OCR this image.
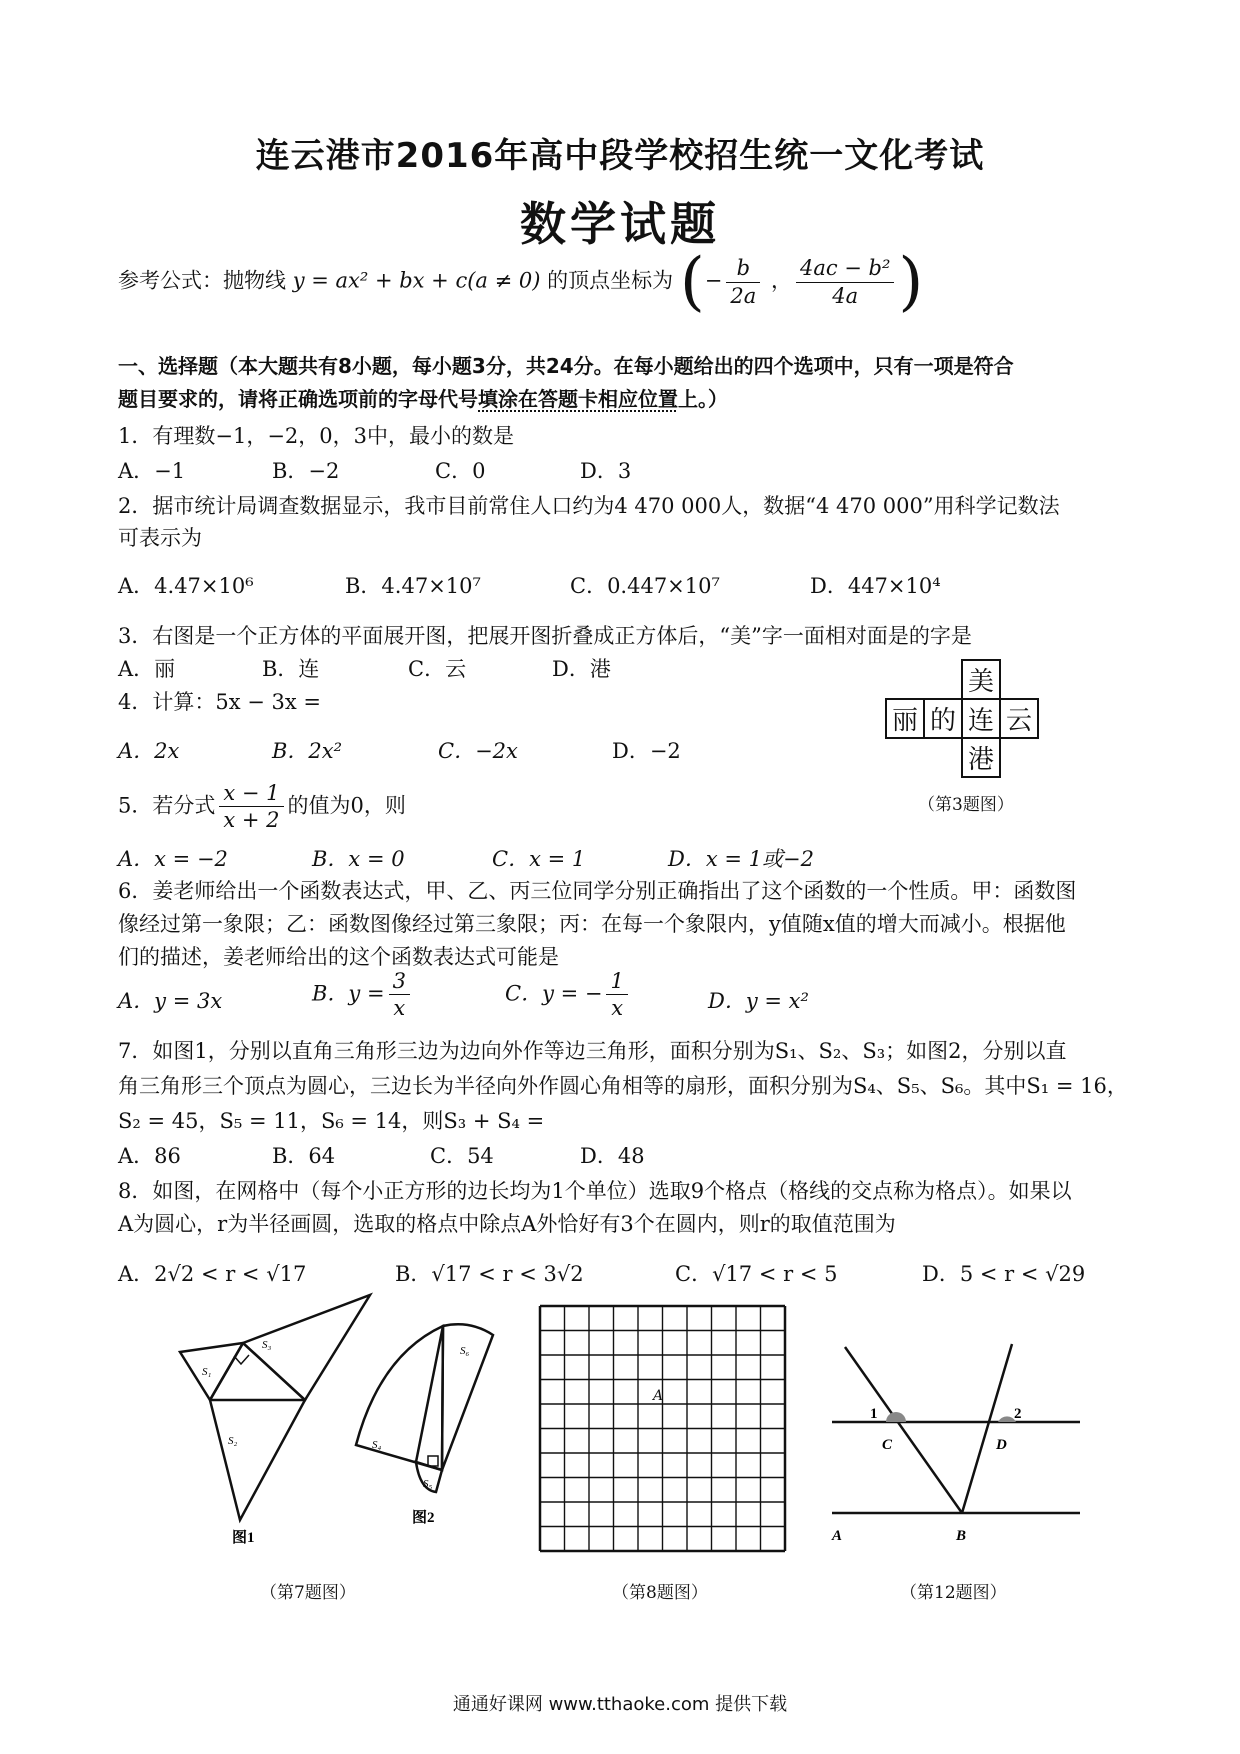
连云港市2016年高中段学校招生统一文化考试
数学试题
参考公式：抛物线 y = ax² + bx + c(a ≠ 0) 的顶点坐标为 (− $\frac{b}{2a}$ ， $\frac{\text{4ac − b²}}{4a}$ )
一、选择题（本大题共有8小题，每小题3分，共24分。在每小题给出的四个选项中，只有一项是符合
题目要求的，请将正确选项前的字母代号填涂在答题卡相应位置上。）
1．有理数−1，−2，0，3中，最小的数是
A．−1	B．−2	C．0	D．3
2．据市统计局调查数据显示，我市目前常住人口约为4 470 000人，数据“4 470 000”用科学记数法
可表示为
A．4.47×10⁶	B．4.47×10⁷	C．0.447×10⁷	D．447×10⁴
3．右图是一个正方体的平面展开图，把展开图折叠成正方体后，“美”字一面相对面是的字是
A．丽	B．连	C．云	D．港
			美	
丽	的	连	云
		港	
（第3题图）
4．计算：5x − 3x =
A．2x	B．2x²	C．−2x	D．−2
5．若分式 $\frac{x - 1}{x + 2}$ 的值为0，则
A．x = −2	B．x = 0	C．x = 1	D．x = 1或−2
6．姜老师给出一个函数表达式，甲、乙、丙三位同学分别正确指出了这个函数的一个性质。甲：函数图
像经过第一象限；乙：函数图像经过第三象限；丙：在每一个象限内，y值随x值的增大而减小。根据他
们的描述，姜老师给出的这个函数表达式可能是
A．y = 3x	B．$y = \frac{3}{x}$	C．y = − $\frac{1}{x}$	D．y = x²
7．如图1，分别以直角三角形三边为边向外作等边三角形，面积分别为S₁、S₂、S₃；如图2，分别以直
角三角形三个顶点为圆心，三边长为半径向外作圆心角相等的扇形，面积分别为S₄、S₅、S₆。其中S₁ = 16，
S₂ = 45，S₅ = 11，S₆ = 14，则S₃ + S₄ =
A．86	B．64	C．54	D．48
8．如图，在网格中（每个小正方形的边长均为1个单位）选取9个格点（格线的交点称为格点）。如果以
A为圆心，r为半径画圆，选取的格点中除点A外恰好有3个在圆内，则r的取值范围为
A．2√2 < r < √17	B．√17 < r < 3√2	C．√17 < r < 5	D．5 < r < √29
S₁
S₂
S₃
图1
S₄
S₅
S₆
图2
（第7题图）
A
（第8题图）
1	2
C	D
A	B
（第12题图）
通通好课网 www.tthaoke.com 提供下载
